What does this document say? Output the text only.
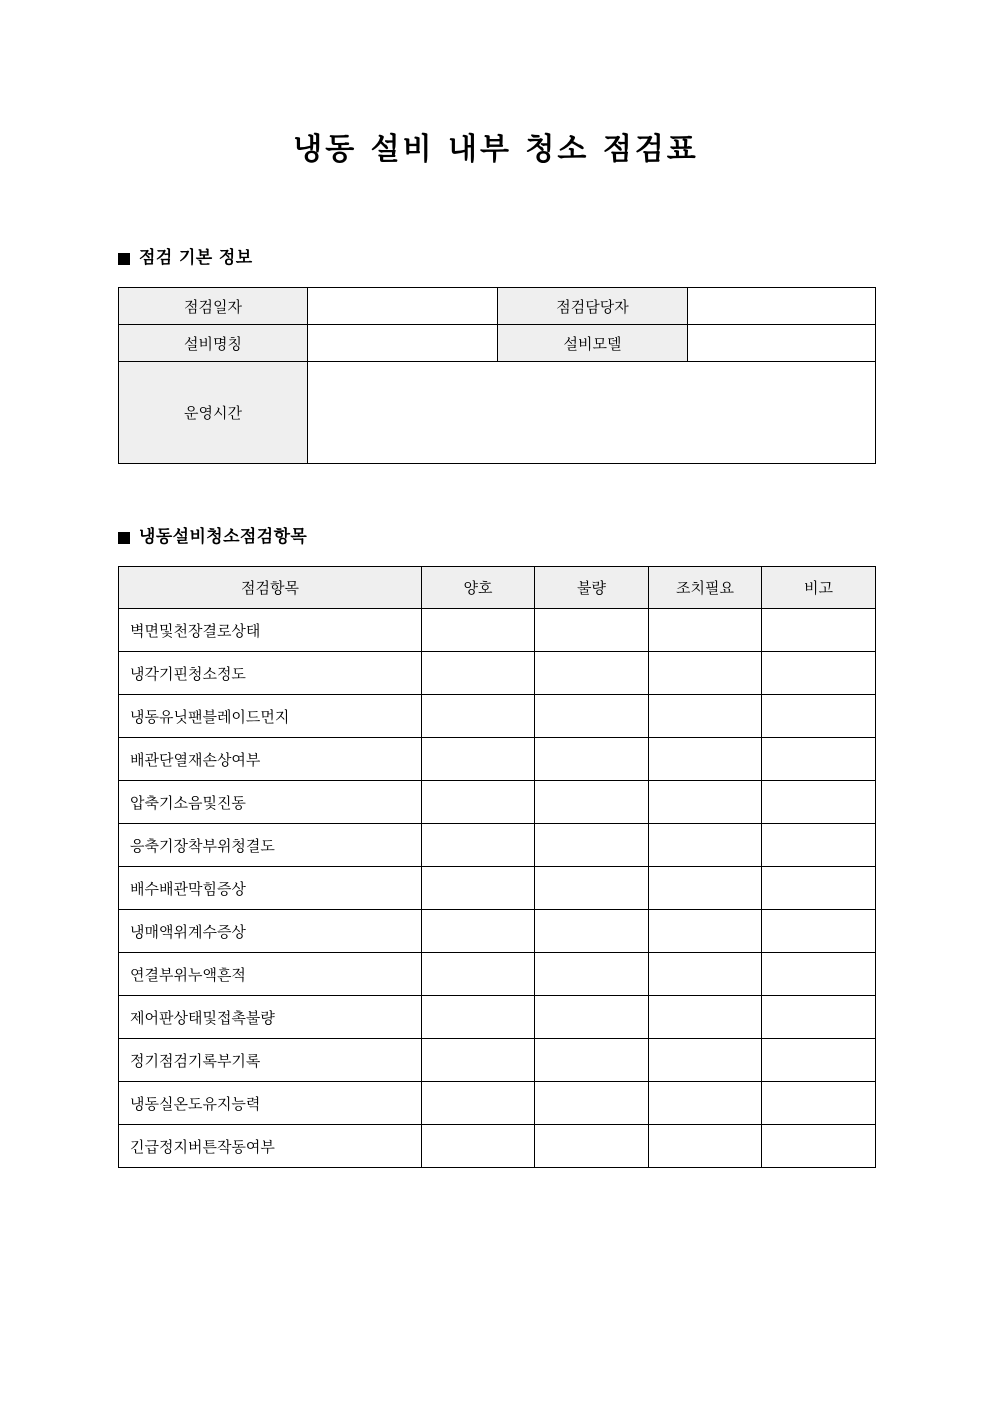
냉동 설비 내부 청소 점검표
점검 기본 정보
점검일자		점검담당자	
설비명칭		설비모델	
운영시간			
냉동설비청소점검항목
점검항목	양호	불량	조치필요	비고
벽면및천장결로상태				
냉각기핀청소정도				
냉동유닛팬블레이드먼지				
배관단열재손상여부				
압축기소음및진동				
응축기장착부위청결도				
배수배관막힘증상				
냉매액위계수증상				
연결부위누액흔적				
제어판상태및접촉불량				
정기점검기록부기록				
냉동실온도유지능력				
긴급정지버튼작동여부				
